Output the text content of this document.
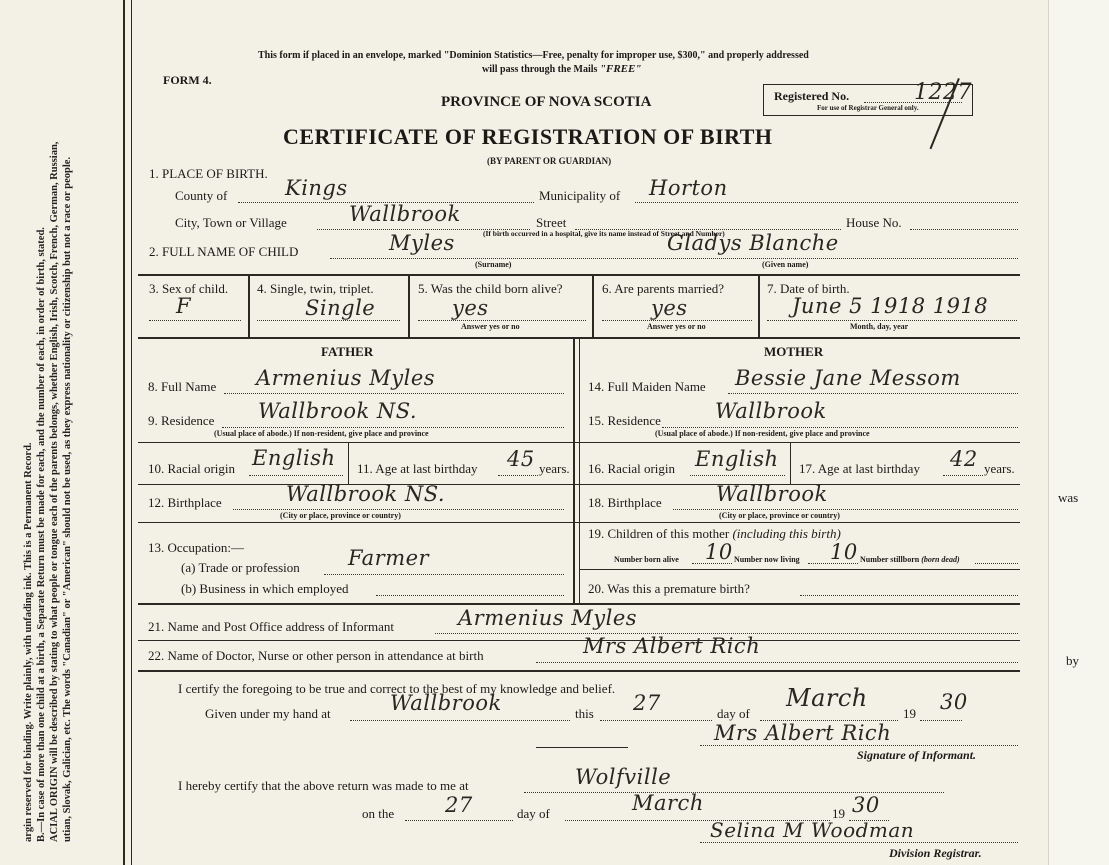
was
by
argin reserved for binding. Write plainly, with unfading ink. This is a Permanent Record. B.—In case of more than one child at a birth, a Separate Return must be made for each, and the number of each, in order of birth, stated. ACIAL ORIGIN will be described by stating to what people or tongue each of the parents belongs, whether English, Irish, Scotch, French, German, Russian, utian, Slovak, Galician, etc. The words "Canadian" or "American" should not be used, as they express nationality or citizenship but not a race or people.
This form if placed in an envelope, marked "Dominion Statistics—Free, penalty for improper use, $300," and properly addressed
will pass through the Mails "FREE"
FORM 4.
PROVINCE OF NOVA SCOTIA
CERTIFICATE OF REGISTRATION OF BIRTH
(BY PARENT OR GUARDIAN)
Registered No.	1227
For use of Registrar General only.
1. PLACE OF BIRTH.
County of	Kings	Municipality of Horton
City, Town or Village	Wallbrook	Street	House No.
(If birth occurred in a hospital, give its name instead of Street and Number)
2. FULL NAME OF CHILD	Myles
(Surname)
Gladys Blanche
(Given name)
3. Sex of child.
F
4. Single, twin, triplet.
Single
5. Was the child born alive?
yes
Answer yes or no
6. Are parents married?
yes
Answer yes or no
7. Date of birth.
June 5 1918 1918
Month, day, year
FATHER	MOTHER
8. Full Name Armenius Myles	14. Full Maiden Name Bessie Jane Messom
9. Residence Wallbrook NS.
(Usual place of abode.) If non-resident, give place and province
15. Residence	Wallbrook
(Usual place of abode.) If non-resident, give place and province
10. Racial origin English 11. Age at last birthday 45 years. 16. Racial origin English 17. Age at last birthday 42 years.
12. Birthplace	Wallbrook NS.
(City or place, province or country)
18. Birthplace	Wallbrook
(City or place, province or country)
13. Occupation:—
(a) Trade or profession Farmer
(b) Business in which employed
19. Children of this mother (including this birth)
Number born alive 10 Number now living 10 Number stillborn (born dead)
20. Was this a premature birth?
21. Name and Post Office address of Informant	Armenius Myles
22. Name of Doctor, Nurse or other person in attendance at birth	Mrs Albert Rich
I certify the foregoing to be true and correct to the best of my knowledge and belief.
Given under my hand at	Wallbrook	this 27	day of
March
19 30
Mrs Albert Rich
Signature of Informant.
I hereby certify that the above return was made to me at	Wolfville
on the 27	day of	March	19 30
Selina M Woodman
Division Registrar.
